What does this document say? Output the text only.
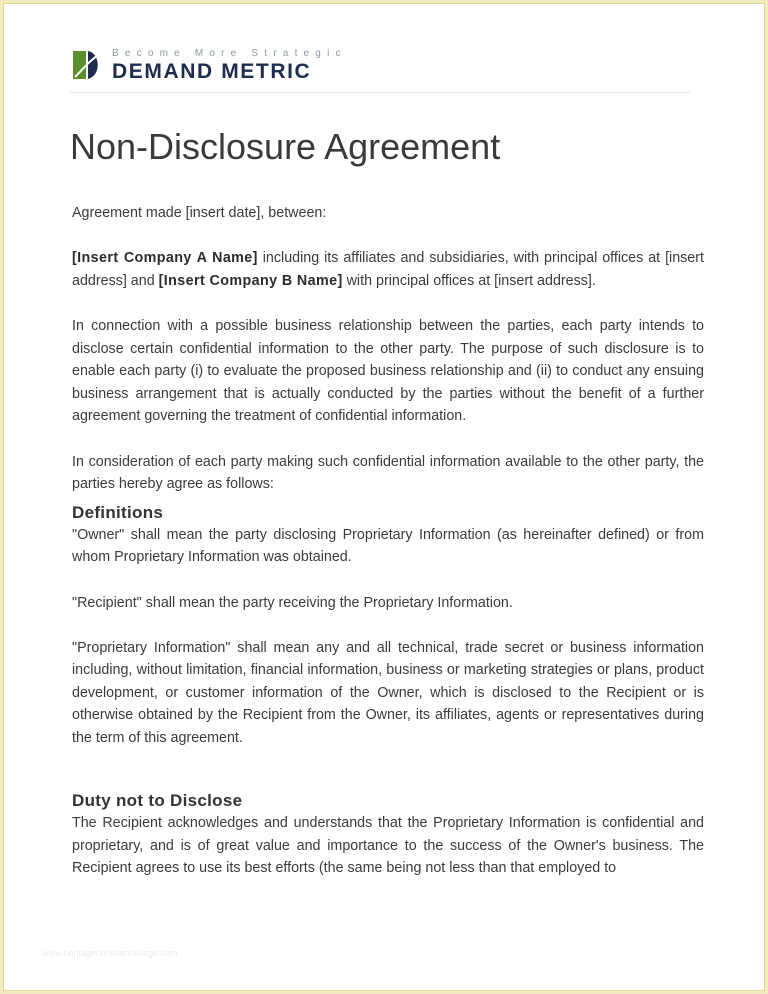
Become More Strategic
DEMAND METRIC
Non-Disclosure Agreement

Agreement made [insert date], between:

[Insert Company A Name] including its affiliates and subsidiaries, with principal offices at [insert address] and [Insert Company B Name] with principal offices at [insert address].

In connection with a possible business relationship between the parties, each party intends to disclose certain confidential information to the other party. The purpose of such disclosure is to enable each party (i) to evaluate the proposed business relationship and (ii) to conduct any ensuing business arrangement that is actually conducted by the parties without the benefit of a further agreement governing the treatment of confidential information.

In consideration of each party making such confidential information available to the other party, the parties hereby agree as follows:

Definitions

"Owner" shall mean the party disclosing Proprietary Information (as hereinafter defined) or from whom Proprietary Information was obtained.

"Recipient" shall mean the party receiving the Proprietary Information.

"Proprietary Information" shall mean any and all technical, trade secret or business information including, without limitation, financial information, business or marketing strategies or plans, product development, or customer information of the Owner, which is disclosed to the Recipient or is otherwise obtained by the Recipient from the Owner, its affiliates, agents or representatives during the term of this agreement.

Duty not to Disclose

The Recipient acknowledges and understands that the Proprietary Information is confidential and proprietary, and is of great value and importance to the success of the Owner's business. The Recipient agrees to use its best efforts (the same being not less than that employed to

www.heritagechristiancollege.com
